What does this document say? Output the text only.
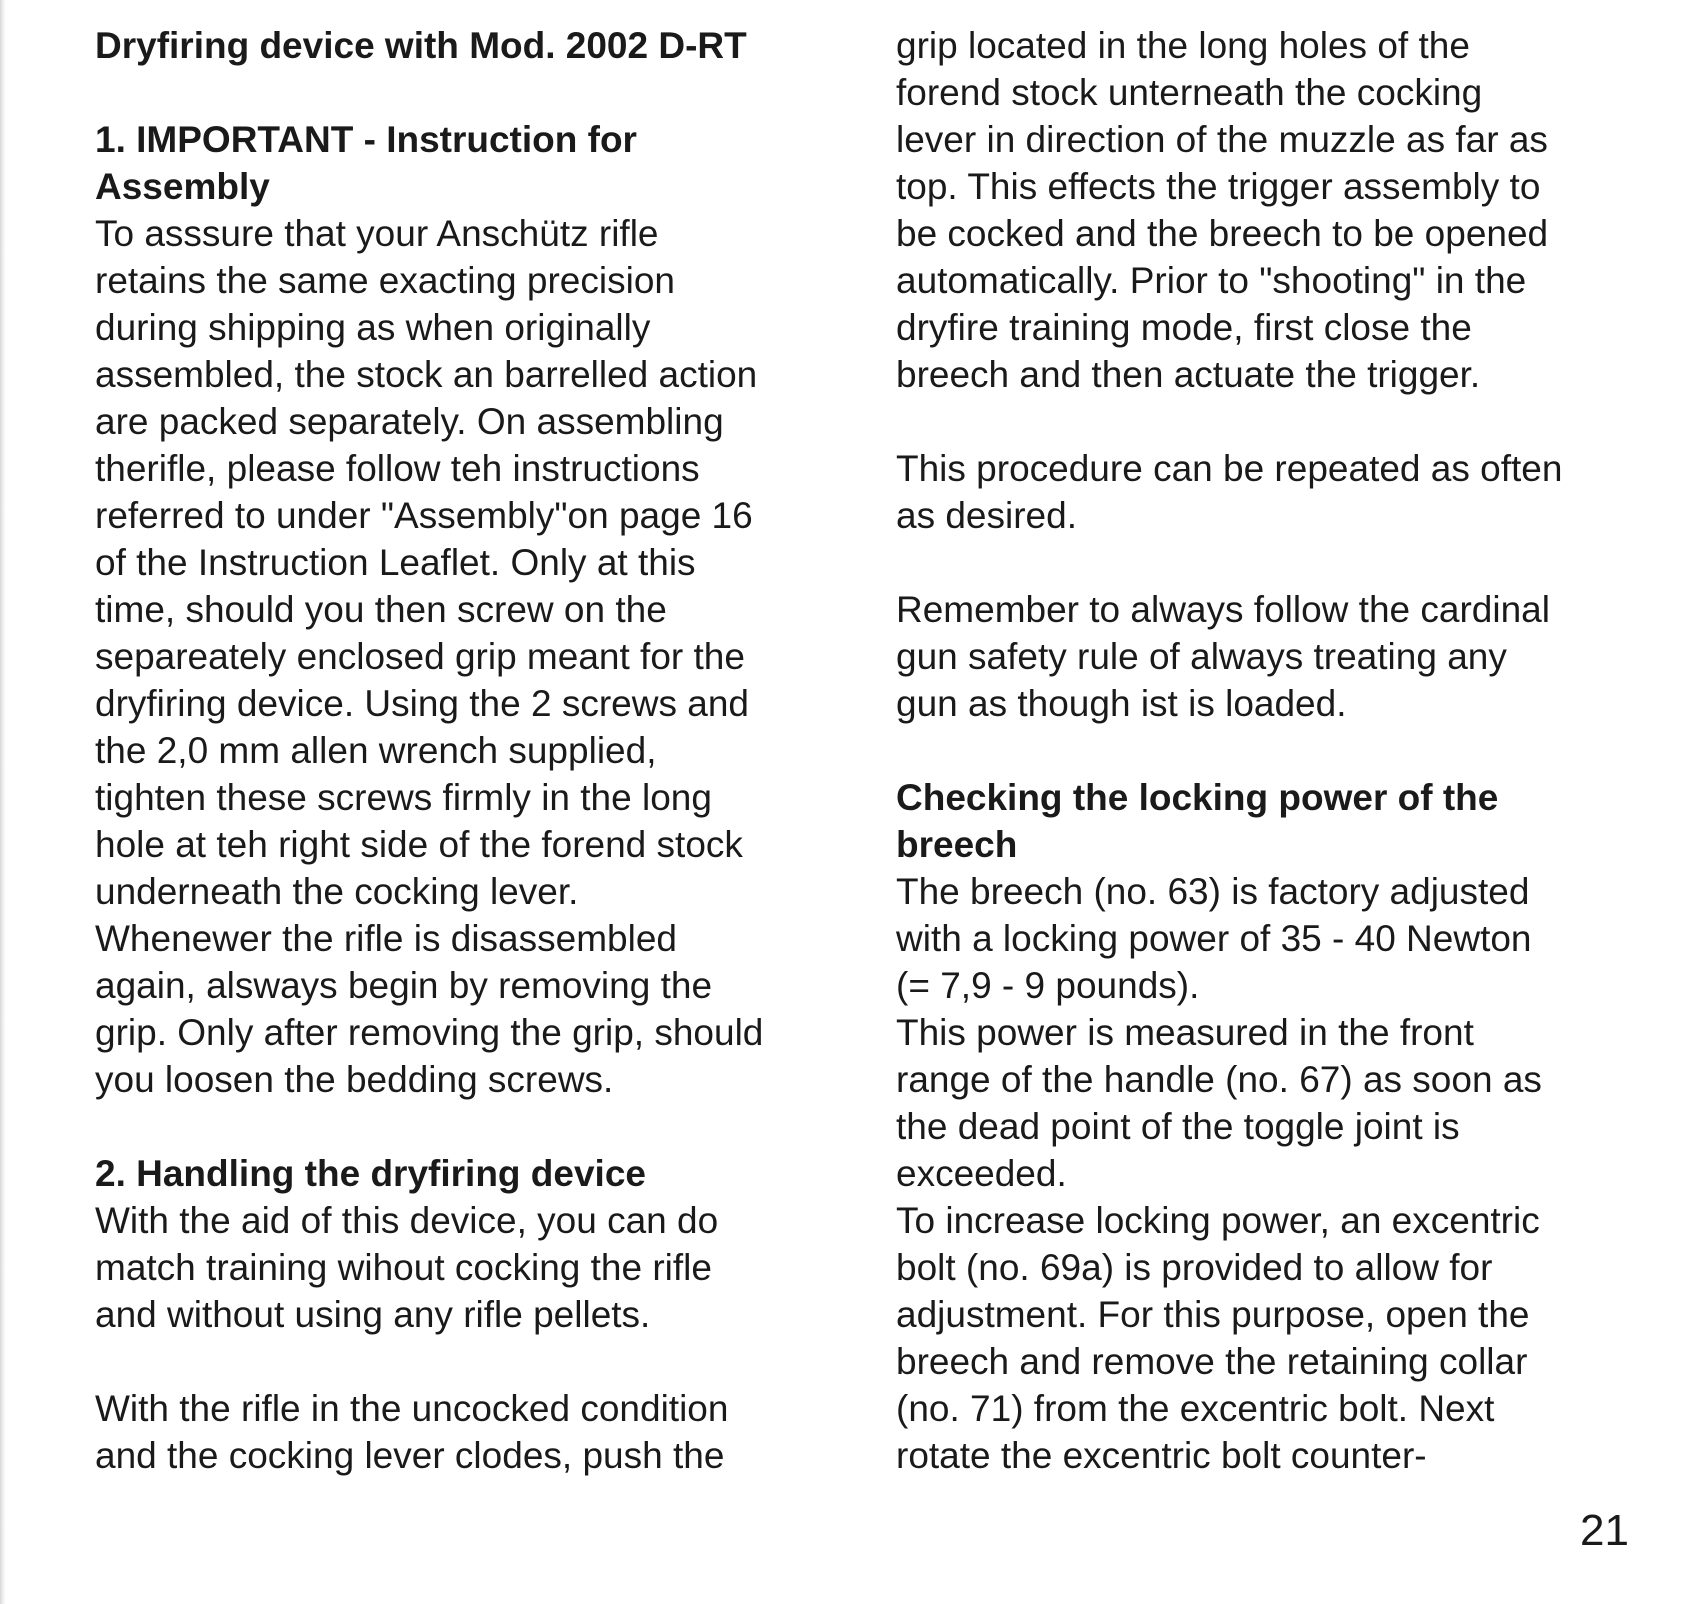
Dryfiring device with Mod. 2002 D-RT
1. IMPORTANT - Instruction for
Assembly
To asssure that your Anschütz rifle
retains the same exacting precision
during shipping as when originally
assembled, the stock an barrelled action
are packed separately. On assembling
therifle, please follow teh instructions
referred to under "Assembly"on page 16
of the Instruction Leaflet. Only at this
time, should you then screw on the
separeately enclosed grip meant for the
dryfiring device. Using the 2 screws and
the 2,0 mm allen wrench supplied,
tighten these screws firmly in the long
hole at teh right side of the forend stock
underneath the cocking lever.
Whenewer the rifle is disassembled
again, alsways begin by removing the
grip. Only after removing the grip, should
you loosen the bedding screws.
2. Handling the dryfiring device
With the aid of this device, you can do
match training wihout cocking the rifle
and without using any rifle pellets.
With the rifle in the uncocked condition
and the cocking lever clodes, push the
grip located in the long holes of the
forend stock unterneath the cocking
lever in direction of the muzzle as far as
top. This effects the trigger assembly to
be cocked and the breech to be opened
automatically. Prior to "shooting" in the
dryfire training mode, first close the
breech and then actuate the trigger.
This procedure can be repeated as often
as desired.
Remember to always follow the cardinal
gun safety rule of always treating any
gun as though ist is loaded.
Checking the locking power of the
breech
The breech (no. 63) is factory adjusted
with a locking power of 35 - 40 Newton
(= 7,9 - 9 pounds).
This power is measured in the front
range of the handle (no. 67) as soon as
the dead point of the toggle joint is
exceeded.
To increase locking power, an excentric
bolt (no. 69a) is provided to allow for
adjustment. For this purpose, open the
breech and remove the retaining collar
(no. 71) from the excentric bolt. Next
rotate the excentric bolt counter-
21
